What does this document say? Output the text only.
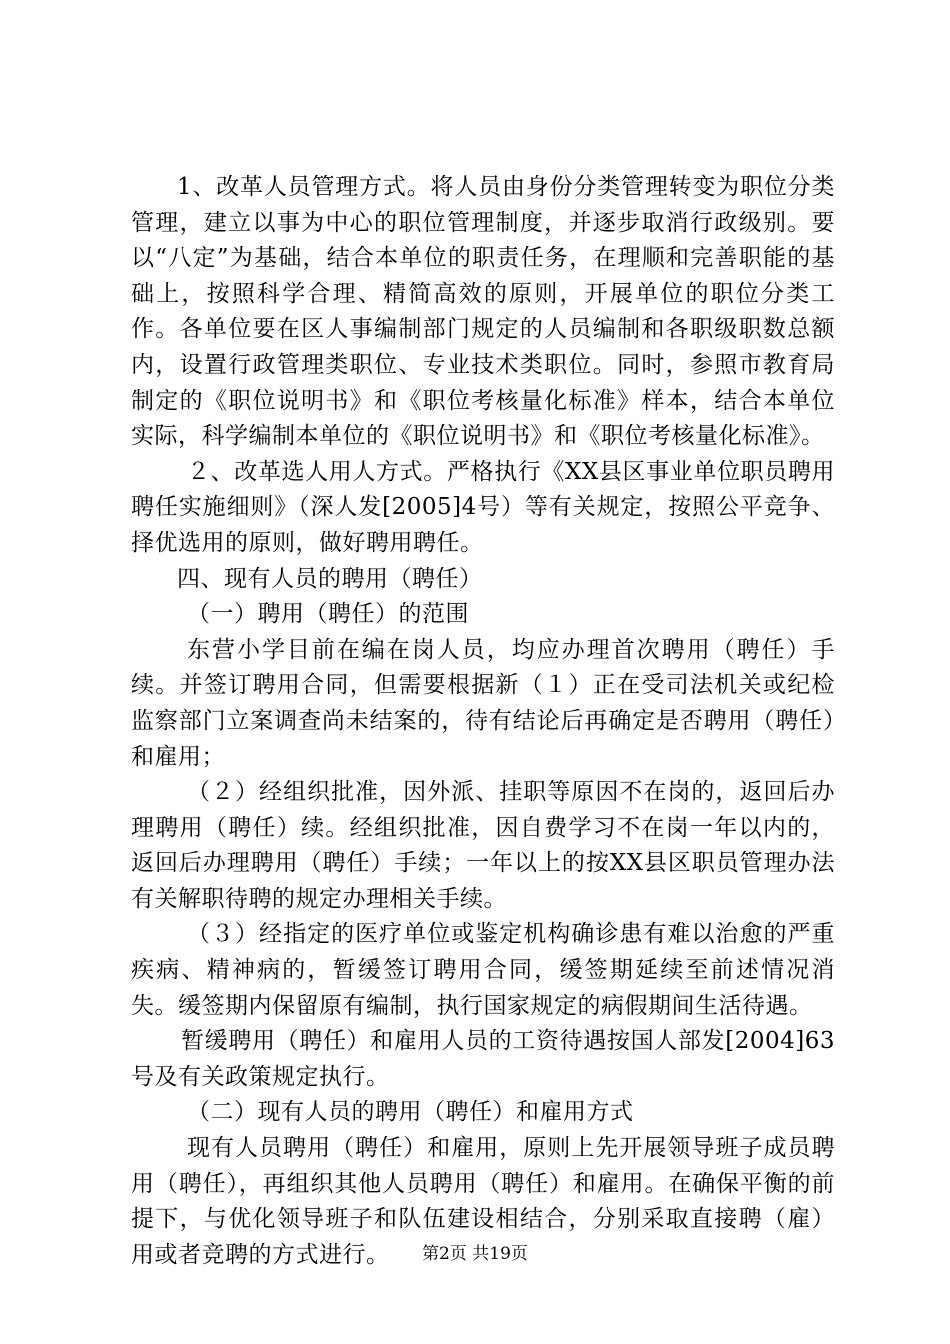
1、改革人员管理方式。将人员由身份分类管理转变为职位分类管理，建立以事为中心的职位管理制度，并逐步取消行政级别。要以“八定”为基础，结合本单位的职责任务，在理顺和完善职能的基础上，按照科学合理、精简高效的原则，开展单位的职位分类工作。各单位要在区人事编制部门规定的人员编制和各职级职数总额内，设置行政管理类职位、专业技术类职位。同时，参照市教育局制定的《职位说明书》和《职位考核量化标准》样本，结合本单位实际，科学编制本单位的《职位说明书》和《职位考核量化标准》。

２、改革选人用人方式。严格执行《XX县区事业单位职员聘用聘任实施细则》（深人发[2005]4号）等有关规定，按照公平竞争、择优选用的原则，做好聘用聘任。

四、现有人员的聘用（聘任）

（一）聘用（聘任）的范围

东营小学目前在编在岗人员，均应办理首次聘用（聘任）手续。并签订聘用合同，但需要根据新（１）正在受司法机关或纪检监察部门立案调查尚未结案的，待有结论后再确定是否聘用（聘任）和雇用；

（２）经组织批准，因外派、挂职等原因不在岗的，返回后办理聘用（聘任）续。经组织批准，因自费学习不在岗一年以内的，返回后办理聘用（聘任）手续；一年以上的按XX县区职员管理办法有关解职待聘的规定办理相关手续。

（３）经指定的医疗单位或鉴定机构确诊患有难以治愈的严重疾病、精神病的，暂缓签订聘用合同，缓签期延续至前述情况消失。缓签期内保留原有编制，执行国家规定的病假期间生活待遇。

暂缓聘用（聘任）和雇用人员的工资待遇按国人部发[2004]63号及有关政策规定执行。

（二）现有人员的聘用（聘任）和雇用方式

现有人员聘用（聘任）和雇用，原则上先开展领导班子成员聘用（聘任），再组织其他人员聘用（聘任）和雇用。在确保平衡的前提下，与优化领导班子和队伍建设相结合，分别采取直接聘（雇）用或者竞聘的方式进行。	第2页 共19页
